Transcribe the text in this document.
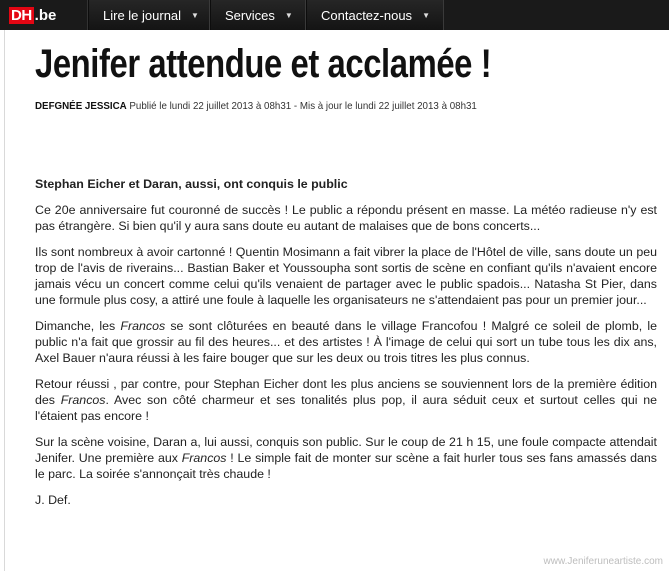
DH .be	Lire le journal ▼ Services ▼ Contactez-nous ▼
Jenifer attendue et acclamée !
DEFGNÉE JESSICA Publié le lundi 22 juillet 2013 à 08h31 - Mis à jour le lundi 22 juillet 2013 à 08h31

Stephan Eicher et Daran, aussi, ont conquis le public

Ce 20e anniversaire fut couronné de succès ! Le public a répondu présent en masse. La météo radieuse n'y est pas étrangère. Si bien qu'il y aura sans doute eu autant de malaises que de bons concerts...

Ils sont nombreux à avoir cartonné ! Quentin Mosimann a fait vibrer la place de l'Hôtel de ville, sans doute un peu trop de l'avis de riverains... Bastian Baker et Youssoupha sont sortis de scène en confiant qu'ils n'avaient encore jamais vécu un concert comme celui qu'ils venaient de partager avec le public spadois... Natasha St Pier, dans une formule plus cosy, a attiré une foule à laquelle les organisateurs ne s'attendaient pas pour un premier jour...

Dimanche, les Francos se sont clôturées en beauté dans le village Francofou ! Malgré ce soleil de plomb, le public n'a fait que grossir au fil des heures... et des artistes ! À l'image de celui qui sort un tube tous les dix ans, Axel Bauer n'aura réussi à les faire bouger que sur les deux ou trois titres les plus connus.

Retour réussi , par contre, pour Stephan Eicher dont les plus anciens se souviennent lors de la première édition des Francos. Avec son côté charmeur et ses tonalités plus pop, il aura séduit ceux et surtout celles qui ne l'étaient pas encore !

Sur la scène voisine, Daran a, lui aussi, conquis son public. Sur le coup de 21 h 15, une foule compacte attendait Jenifer. Une première aux Francos ! Le simple fait de monter sur scène a fait hurler tous ses fans amassés dans le parc. La soirée s'annonçait très chaude !

J. Def.

www.Jeniferuneartiste.com
